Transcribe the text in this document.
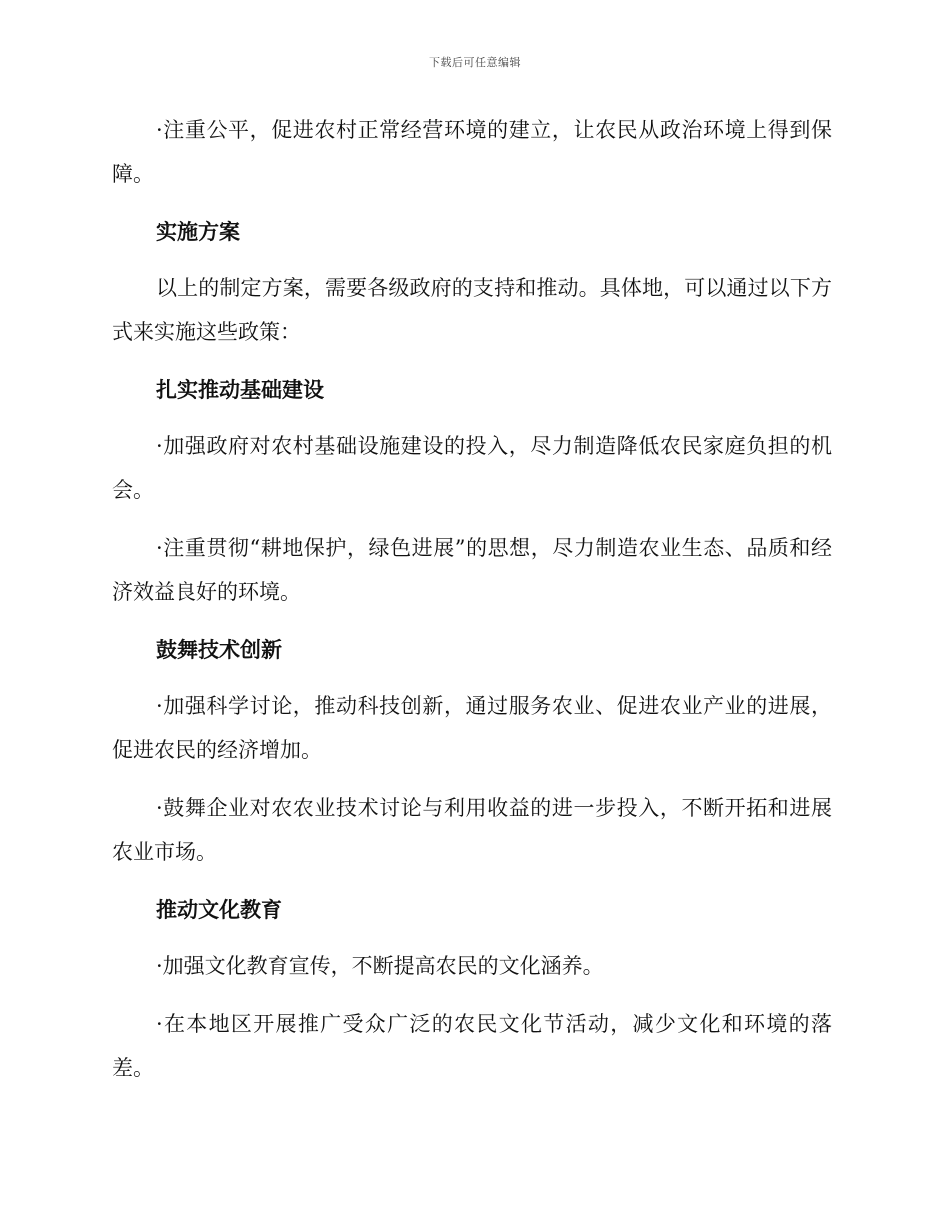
下载后可任意编辑

·注重公平，促进农村正常经营环境的建立，让农民从政治环境上得到保障。

实施方案

以上的制定方案，需要各级政府的支持和推动。具体地，可以通过以下方式来实施这些政策：

扎实推动基础建设

·加强政府对农村基础设施建设的投入，尽力制造降低农民家庭负担的机会。

·注重贯彻“耕地保护，绿色进展”的思想，尽力制造农业生态、品质和经济效益良好的环境。

鼓舞技术创新

·加强科学讨论，推动科技创新，通过服务农业、促进农业产业的进展，促进农民的经济增加。

·鼓舞企业对农农业技术讨论与利用收益的进一步投入，不断开拓和进展农业市场。

推动文化教育

·加强文化教育宣传，不断提高农民的文化涵养。

·在本地区开展推广受众广泛的农民文化节活动，减少文化和环境的落差。
